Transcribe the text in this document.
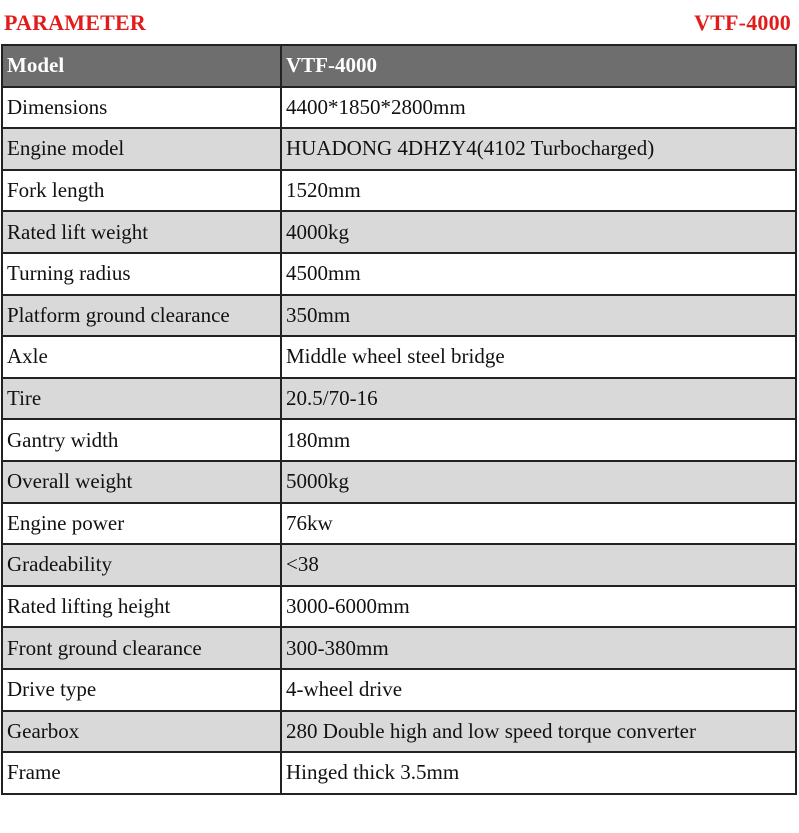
PARAMETER	VTF-4000
Model	VTF-4000
Dimensions	4400*1850*2800mm
Engine model	HUADONG 4DHZY4(4102 Turbocharged)
Fork length	1520mm
Rated lift weight	4000kg
Turning radius	4500mm
Platform ground clearance	350mm
Axle	Middle wheel steel bridge
Tire	20.5/70-16
Gantry width	180mm
Overall weight	5000kg
Engine power	76kw
Gradeability	<38
Rated lifting height	3000-6000mm
Front ground clearance	300-380mm
Drive type	4-wheel drive
Gearbox	280 Double high and low speed torque converter
Frame	Hinged thick 3.5mm
